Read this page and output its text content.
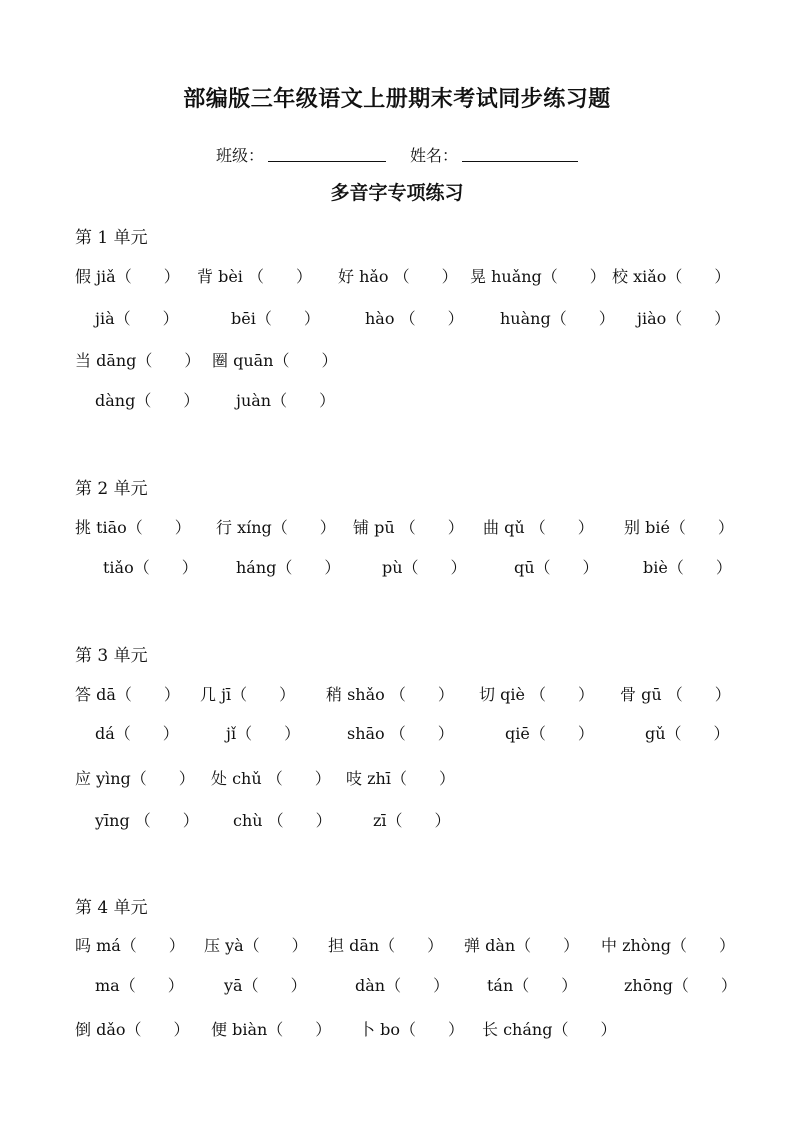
部编版三年级语文上册期末考试同步练习题
班级：	姓名：
多音字专项练习
第 1 单元
假 jiǎ（　　） 背 bèi （　　） 好 hǎo （　　） 晃 huǎng（　　） 校 xiǎo（　　）
jià（　　）	bēi（　　）	hào （　　） huàng（　　） jiào（　　）
当 dāng（　　） 圈 quān（　　）
dàng（　　） juàn（　　）
第 2 单元
挑 tiāo（　　） 行 xíng（　　） 铺 pū （　　） 曲 qǔ （　　） 别 bié（　　）
tiǎo（　　） háng（　　）	pù（　　）	qū（　　）	biè（　　）
第 3 单元
答 dā（　　） 几 jī（　　） 稍 shǎo （　　） 切 qiè （　　） 骨 gū （　　）
dá（　　）	jǐ（　　）	shāo （　　）	qiē（　　）	gǔ（　　）
应 yìng（　　） 处 chǔ （　　） 吱 zhī（　　）
yīng （　　） chù （　　）	zī（　　）
第 4 单元
吗 má（　　） 压 yà（　　） 担 dān（　　） 弹 dàn（　　） 中 zhòng（　　）
ma（　　）	yā（　　）	dàn（　　） tán（　　）	zhōng（　　）
倒 dǎo（　　） 便 biàn（　　） 卜 bo（　　） 长 cháng（　　）
